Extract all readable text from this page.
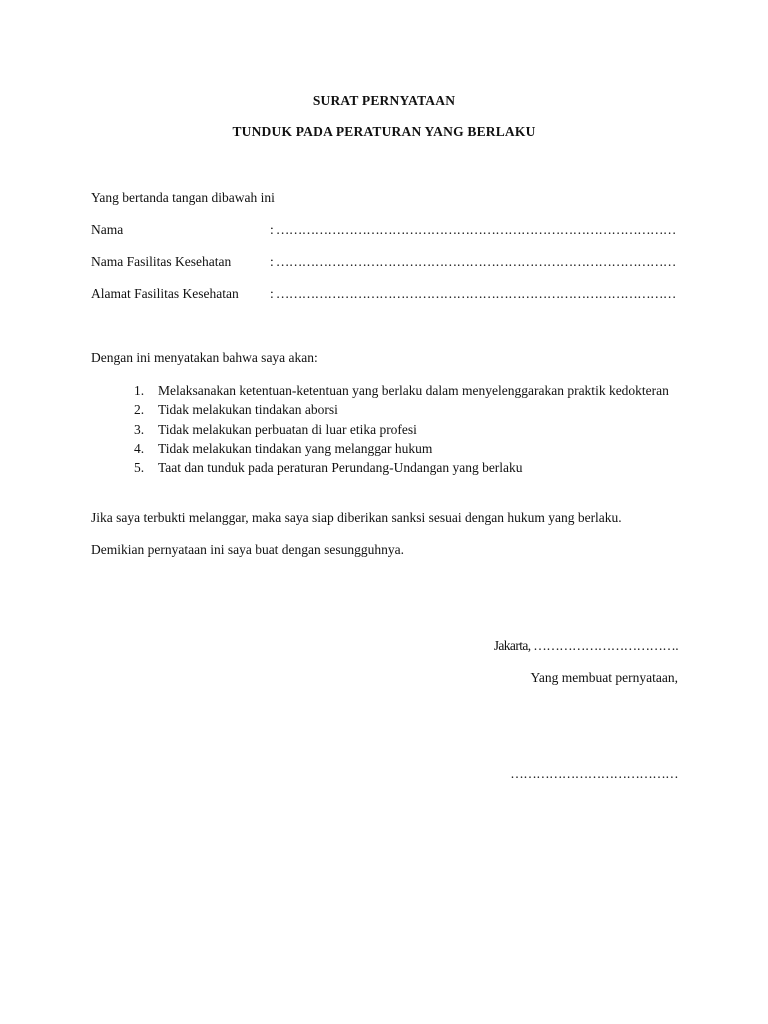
SURAT PERNYATAAN
TUNDUK PADA PERATURAN YANG BERLAKU
Yang bertanda tangan dibawah ini
Nama	: …………………………………………………………………………………
Nama Fasilitas Kesehatan	: …………………………………………………………………………………
Alamat Fasilitas Kesehatan : …………………………………………………………………………………
Dengan ini menyatakan bahwa saya akan:
1. Melaksanakan ketentuan-ketentuan yang berlaku dalam menyelenggarakan praktik kedokteran
2. Tidak melakukan tindakan aborsi
3. Tidak melakukan perbuatan di luar etika profesi
4. Tidak melakukan tindakan yang melanggar hukum
5. Taat dan tunduk pada peraturan Perundang-Undangan yang berlaku
Jika saya terbukti melanggar, maka saya siap diberikan sanksi sesuai dengan hukum yang berlaku.
Demikian pernyataan ini saya buat dengan sesungguhnya.
Jakarta, …………………………….
Yang membuat pernyataan,
…………………………………
